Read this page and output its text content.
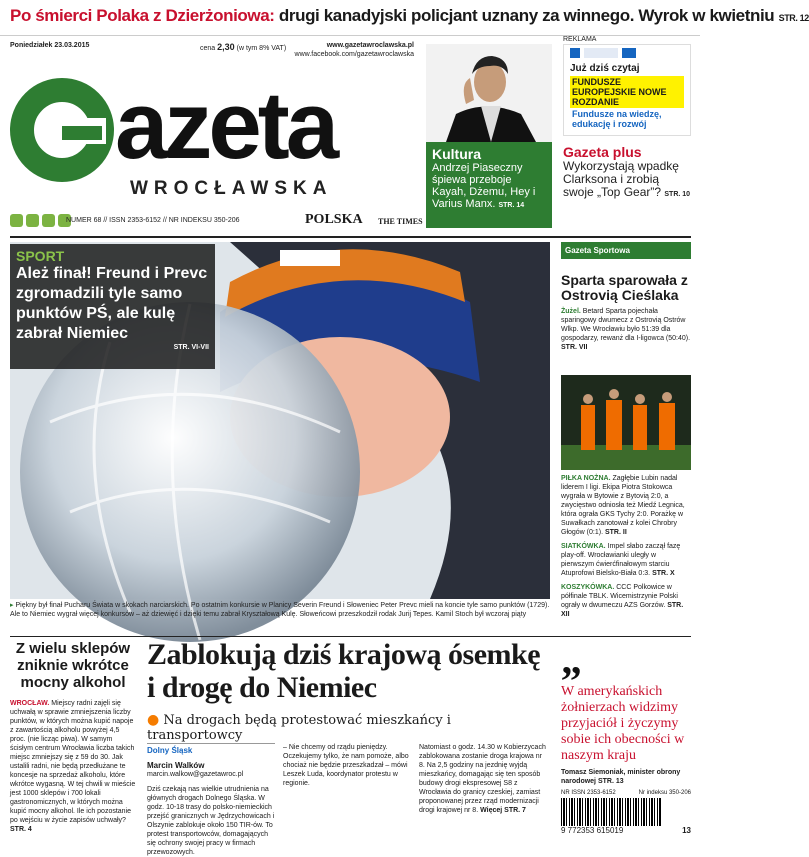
Po śmierci Polaka z Dzierżoniowa: drugi kanadyjski policjant uznany za winnego. Wyrok w kwietniu STR. 12
Poniedziałek 23.03.2015	cena 2,30 (w tym 8% VAT)	www.gazetawroclawska.pl
www.facebook.com/gazetawroclawska
azeta
WROCŁAWSKA
NUMER 68 // ISSN 2353-6152 // NR INDEKSU 350-206	POLSKA THE TIMES
Kultura
Andrzej Piaseczny śpiewa przeboje Kayah, Dżemu, Hey i Varius Manx. STR. 14
REKLAMA
Już dziś czytaj
FUNDUSZE EUROPEJSKIE NOWE ROZDANIE
Fundusze na wiedzę, edukację i rozwój
Gazeta plus
Wykorzystają wpadkę Clarksona i zrobią swoje „Top Gear”? STR. 10
SPORT
Ależ finał! Freund i Prevc zgromadzili tyle samo punktów PŚ, ale kulę zabrał Niemiec
STR. VI-VII
▸ Piękny był finał Pucharu Świata w skokach narciarskich. Po ostatnim konkursie w Planicy Severin Freund i Słoweniec Peter Prevc mieli na koncie tyle samo punktów (1729). Ale to Niemiec wygrał więcej konkursów – aż dziewięć i dzięki temu zabrał Kryształową Kulę. Słoweńcowi przeszkodził rodak Jurij Tepes. Kamil Stoch był wczoraj piąty
Gazeta Sportowa
Sparta sparowała z Ostrovią Cieślaka
Żużel. Betard Sparta pojechała sparingowy dwumecz z Ostrovią Ostrów Wlkp. We Wrocławiu było 51:39 dla gospodarzy, rewanż dla I-ligowca (50:40). STR. VII
PIŁKA NOŻNA. Zagłębie Lubin nadal liderem I ligi. Ekipa Piotra Stokowca wygrała w Bytowie z Bytovią 2:0, a zwycięstwo odniosła też Miedź Legnica, która ograła GKS Tychy 2:0. Porażkę w Suwałkach zanotował z kolei Chrobry Głogów (0:1). STR. II
SIATKÓWKA. Impel słabo zaczął fazę play-off. Wrocławianki uległy w pierwszym ćwierćfinałowym starciu Atuprofowi Bielsko-Biała 0:3. STR. X
KOSZYKÓWKA. CCC Polkowice w półfinale TBLK. Wicemistrzynie Polski ograły w dwumeczu AZS Gorzów. STR. XII
Z wielu sklepów zniknie wkrótce mocny alkohol
WROCŁAW. Miejscy radni zajęli się uchwałą w sprawie zmniejszenia liczby punktów, w których można kupić napoje z zawartością alkoholu powyżej 4,5 proc. (nie licząc piwa). W samym ścisłym centrum Wrocławia liczba takich miejsc zmniejszy się z 59 do 30. Jak ustalili radni, nie będą przedłużane te koncesje na sprzedaż alkoholu, które wkrótce wygasną. W tej chwili w mieście jest 1000 sklepów i 700 lokali gastronomicznych, w których można kupić mocny alkohol. Ile ich pozostanie po wejściu w życie zapisów uchwały? STR. 4
Zablokują dziś krajową ósemkę i drogę do Niemiec
● Na drogach będą protestować mieszkańcy i transportowcy
Dolny Śląsk
Marcin Walków
marcin.walkow@gazetawroc.pl
Dziś czekają nas wielkie utrudnienia na głównych drogach Dolnego Śląska. W godz. 10-18 trasy do polsko-niemieckich przejść granicznych w Jędrzychowicach i Olszynie zablokuje około 150 TIR-ów. To protest transportowców, domagających się ochrony swojej pracy w firmach przewozowych.
– Nie chcemy od rządu pieniędzy. Oczekujemy tylko, że nam pomoże, albo chociaż nie będzie przeszkadzał – mówi Leszek Luda, koordynator protestu w regionie.
Natomiast o godz. 14.30 w Kobierzycach zablokowana zostanie droga krajowa nr 8. Na 2,5 godziny na jezdnię wyjdą mieszkańcy, domagając się ten sposób budowy drogi ekspresowej S8 z Wrocławia do granicy czeskiej, zamiast proponowanej przez rząd modernizacji drogi krajowej nr 8. Więcej STR. 7
„
W amerykańskich żołnierzach widzimy przyjaciół i życzymy sobie ich obecności w naszym kraju
Tomasz Siemoniak, minister obrony narodowej STR. 13
NR ISSN 2353-6152	Nr indeksu 350-206
9 772353 615019	13
